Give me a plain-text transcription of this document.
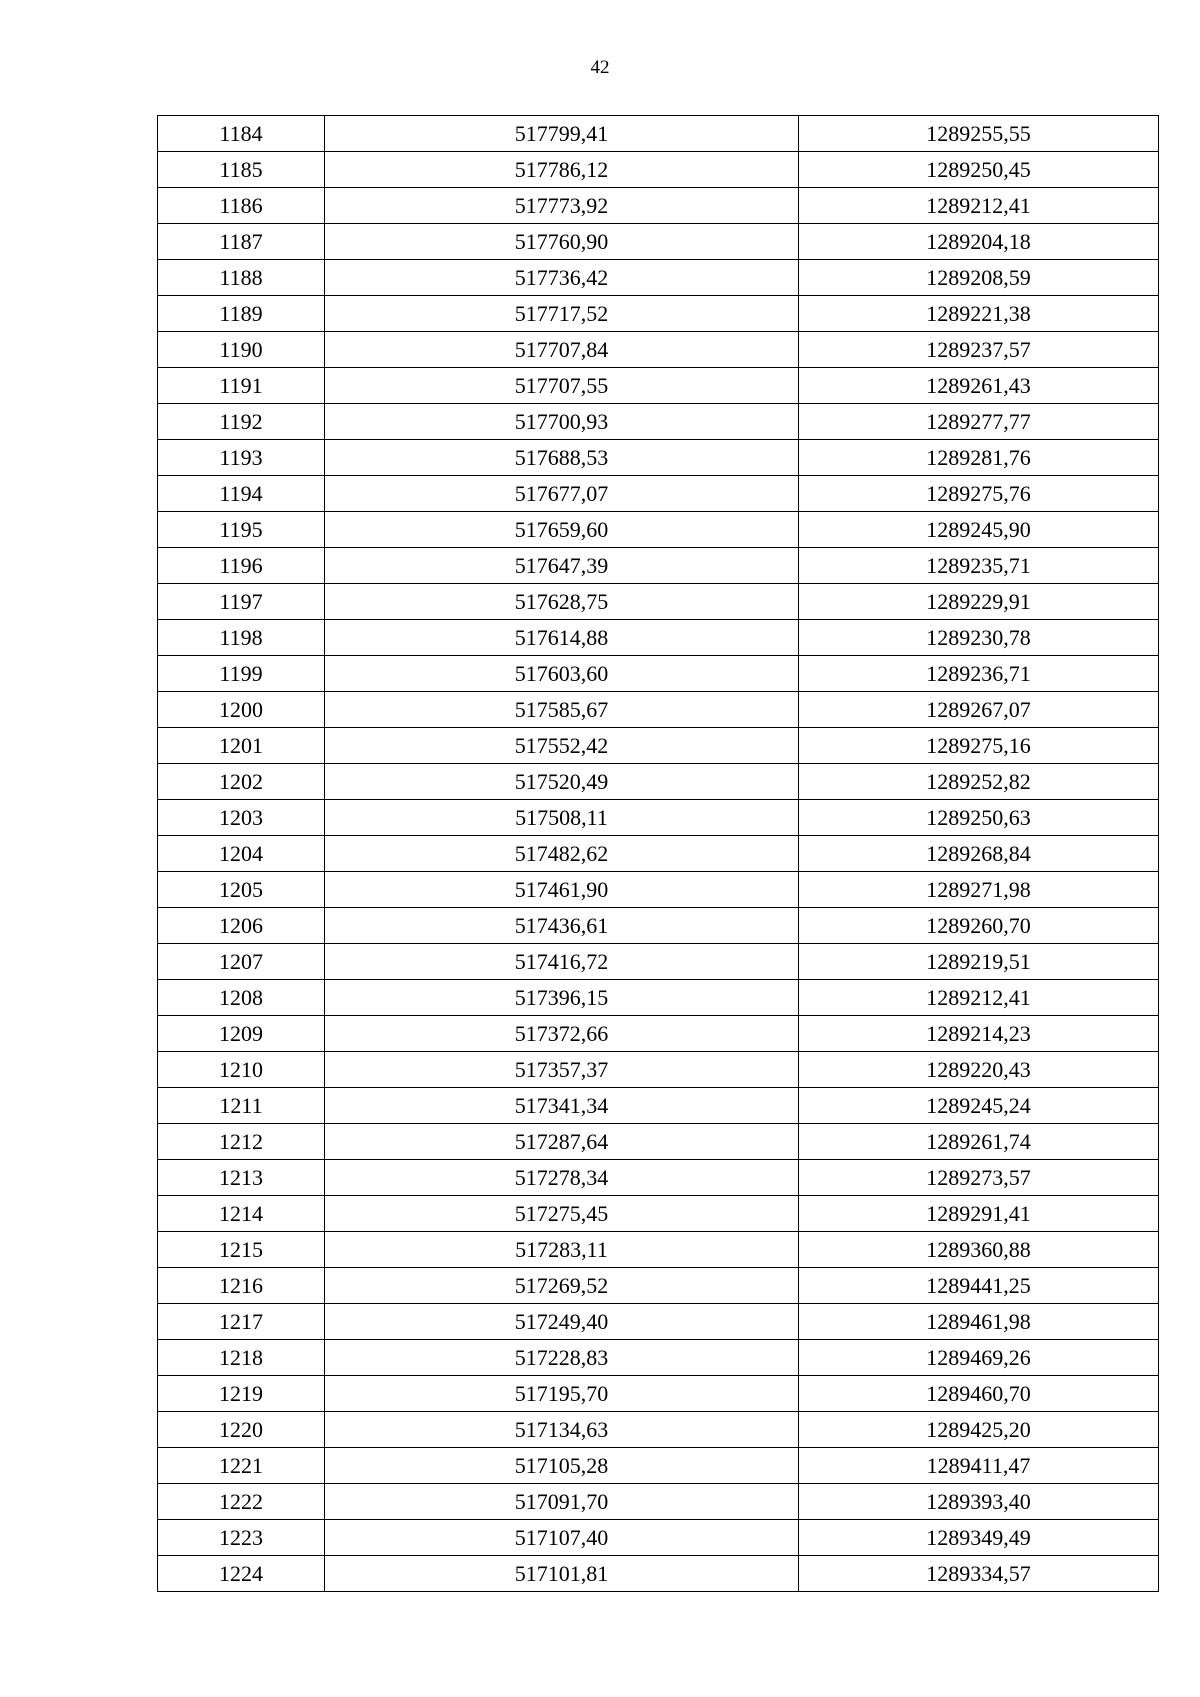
42
1184	517799,41	1289255,55
1185	517786,12	1289250,45
1186	517773,92	1289212,41
1187	517760,90	1289204,18
1188	517736,42	1289208,59
1189	517717,52	1289221,38
1190	517707,84	1289237,57
1191	517707,55	1289261,43
1192	517700,93	1289277,77
1193	517688,53	1289281,76
1194	517677,07	1289275,76
1195	517659,60	1289245,90
1196	517647,39	1289235,71
1197	517628,75	1289229,91
1198	517614,88	1289230,78
1199	517603,60	1289236,71
1200	517585,67	1289267,07
1201	517552,42	1289275,16
1202	517520,49	1289252,82
1203	517508,11	1289250,63
1204	517482,62	1289268,84
1205	517461,90	1289271,98
1206	517436,61	1289260,70
1207	517416,72	1289219,51
1208	517396,15	1289212,41
1209	517372,66	1289214,23
1210	517357,37	1289220,43
1211	517341,34	1289245,24
1212	517287,64	1289261,74
1213	517278,34	1289273,57
1214	517275,45	1289291,41
1215	517283,11	1289360,88
1216	517269,52	1289441,25
1217	517249,40	1289461,98
1218	517228,83	1289469,26
1219	517195,70	1289460,70
1220	517134,63	1289425,20
1221	517105,28	1289411,47
1222	517091,70	1289393,40
1223	517107,40	1289349,49
1224	517101,81	1289334,57
